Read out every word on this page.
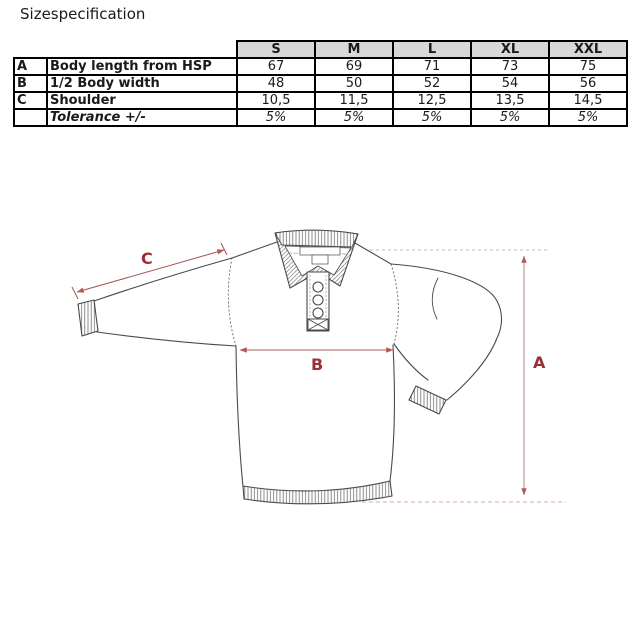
Sizespecification
		S	M	L	XL	XXL
A	Body length from HSP	67	69	71	73	75
B	1/2 Body width	48	50	52	54	56
C	Shoulder	10,5	11,5	12,5	13,5	14,5
	Tolerance +/-	5%	5%	5%	5%	5%
C
B	A
